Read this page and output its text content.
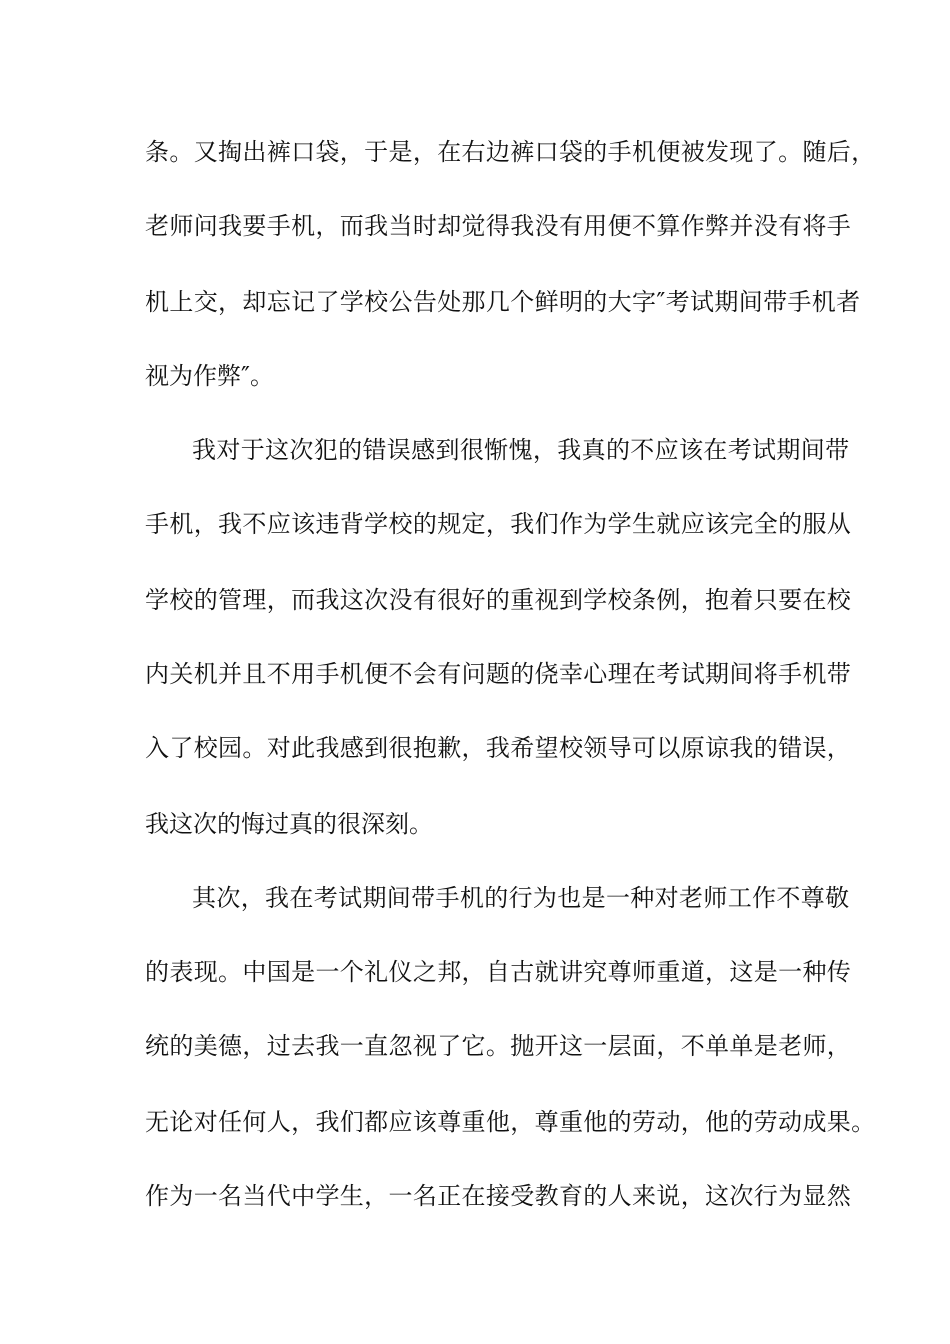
条。又掏出裤口袋，于是，在右边裤口袋的手机便被发现了。随后，
老师问我要手机，而我当时却觉得我没有用便不算作弊并没有将手
机上交，却忘记了学校公告处那几个鲜明的大字″考试期间带手机者
视为作弊″。
我对于这次犯的错误感到很惭愧，我真的不应该在考试期间带
手机，我不应该违背学校的规定，我们作为学生就应该完全的服从
学校的管理，而我这次没有很好的重视到学校条例，抱着只要在校
内关机并且不用手机便不会有问题的侥幸心理在考试期间将手机带
入了校园。对此我感到很抱歉，我希望校领导可以原谅我的错误，
我这次的悔过真的很深刻。
其次，我在考试期间带手机的行为也是一种对老师工作不尊敬
的表现。中国是一个礼仪之邦，自古就讲究尊师重道，这是一种传
统的美德，过去我一直忽视了它。抛开这一层面，不单单是老师，
无论对任何人，我们都应该尊重他，尊重他的劳动，他的劳动成果。
作为一名当代中学生，一名正在接受教育的人来说，这次行为显然
